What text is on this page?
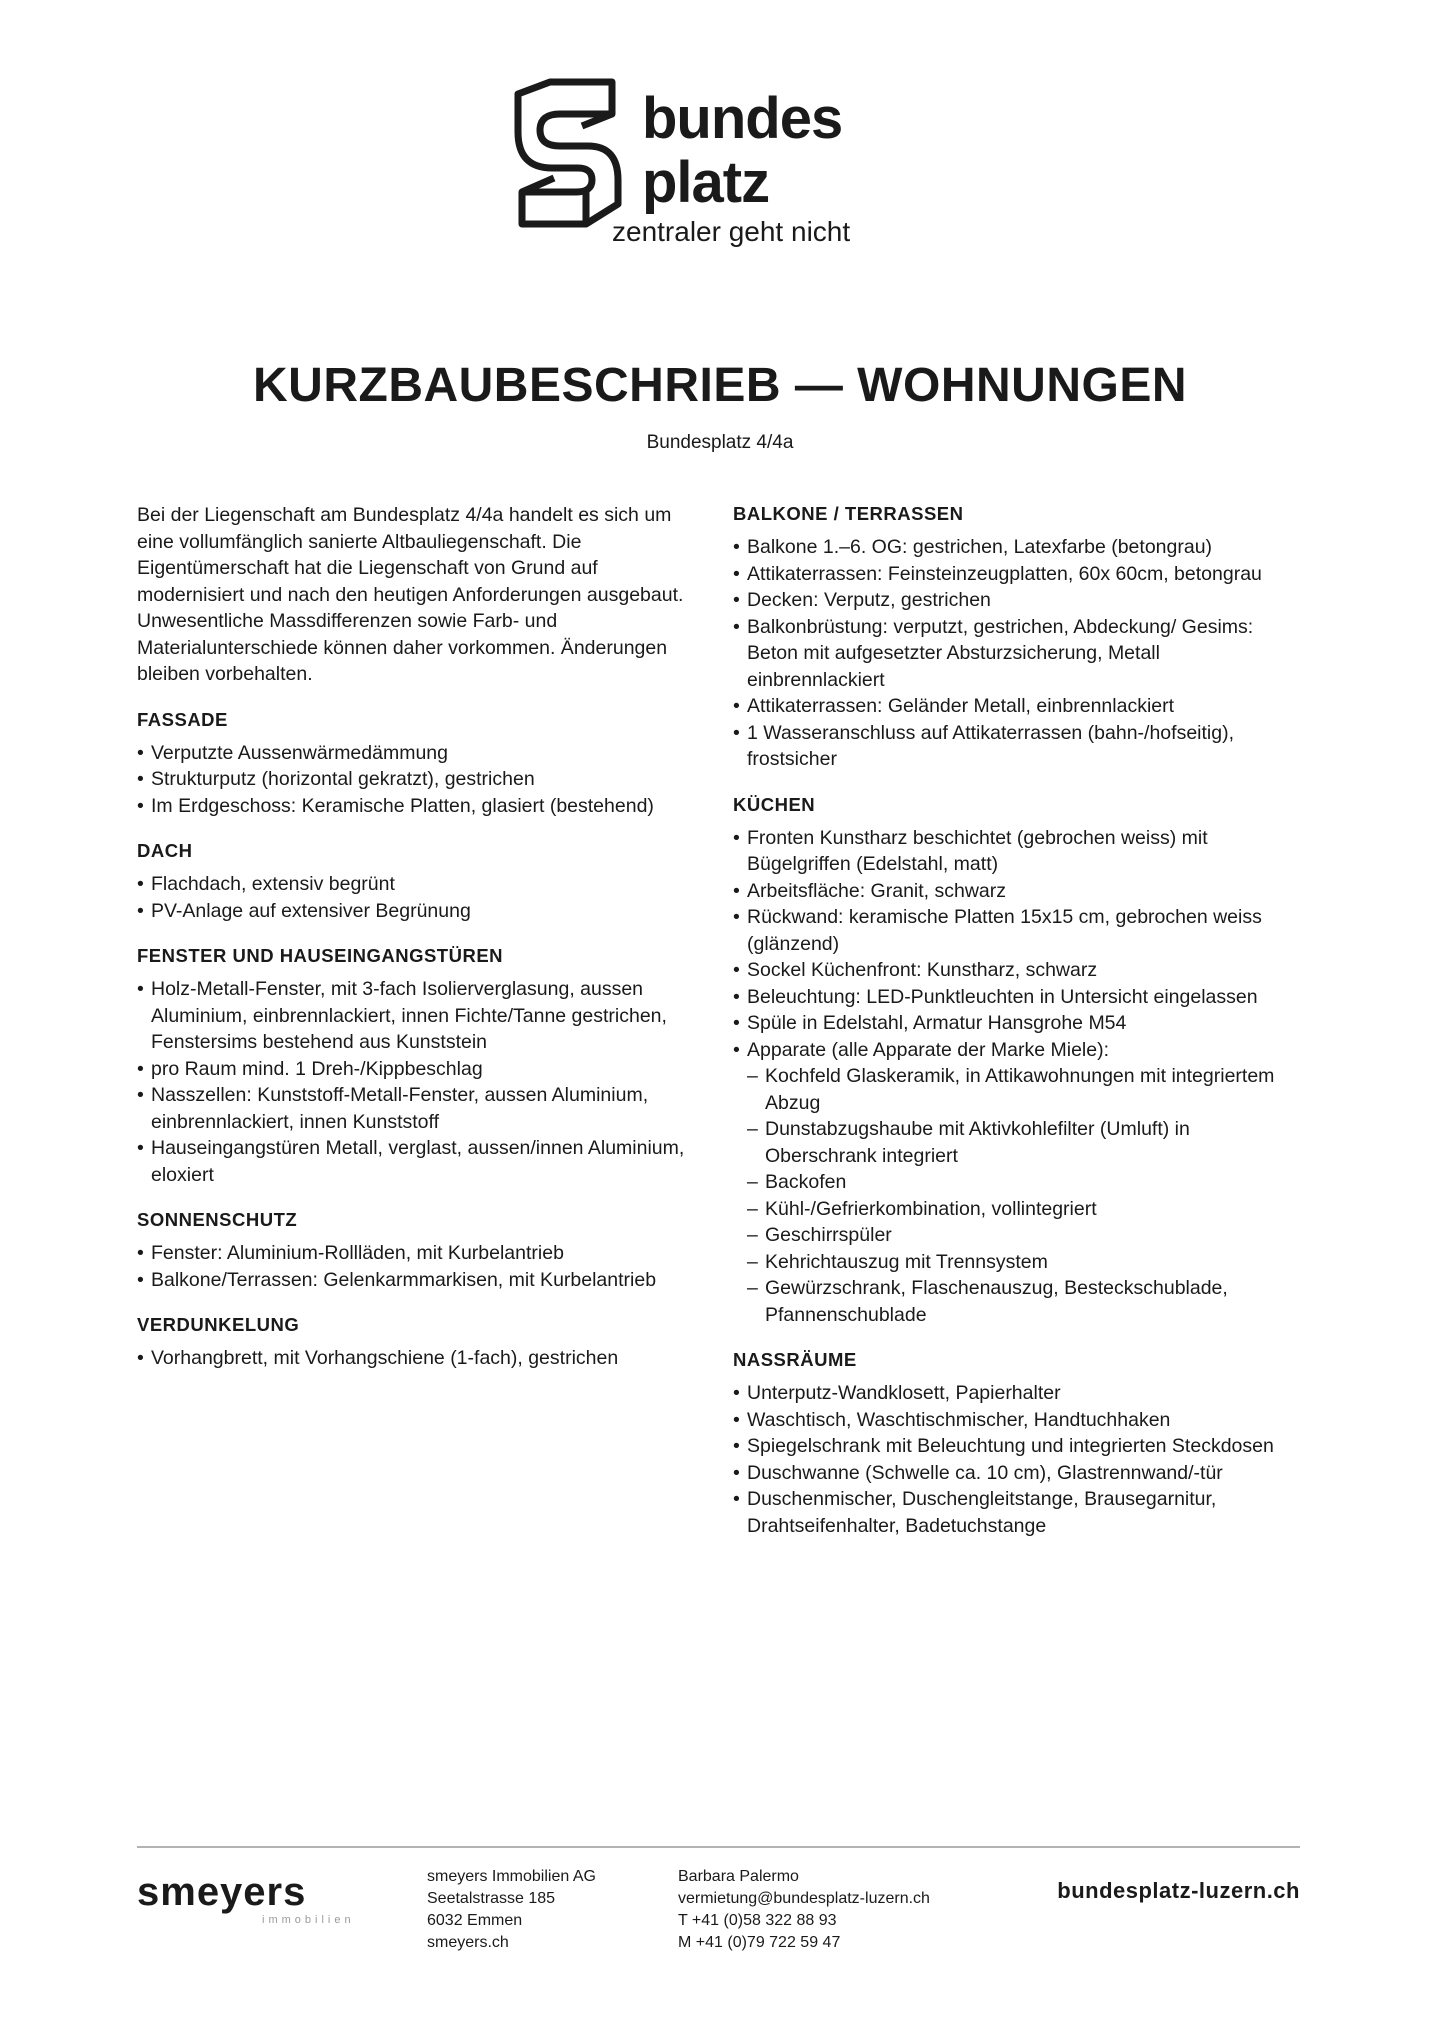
bundes
platz
zentraler geht nicht
KURZBAUBESCHRIEB — WOHNUNGEN
Bundesplatz 4/4a

Bei der Liegenschaft am Bundesplatz 4/4a handelt es sich um eine vollumfänglich sanierte Altbauliegenschaft. Die Eigentümerschaft hat die Liegenschaft von Grund auf modernisiert und nach den heutigen Anforderungen ausgebaut. Unwesentliche Massdifferenzen sowie Farb- und Materialunterschiede können daher vorkommen. Änderungen bleiben vorbehalten.

FASSADE
• Verputzte Aussenwärmedämmung
• Strukturputz (horizontal gekratzt), gestrichen
• Im Erdgeschoss: Keramische Platten, glasiert (bestehend)
DACH
• Flachdach, extensiv begrünt
• PV-Anlage auf extensiver Begrünung
FENSTER UND HAUSEINGANGSTÜREN
• Holz-Metall-Fenster, mit 3-fach Isolierverglasung, aussen Aluminium, einbrennlackiert, innen Fichte/Tanne gestrichen, Fenstersims bestehend aus Kunststein
• pro Raum mind. 1 Dreh-/Kippbeschlag
• Nasszellen: Kunststoff-Metall-Fenster, aussen Aluminium, einbrennlackiert, innen Kunststoff
• Hauseingangstüren Metall, verglast, aussen/innen Aluminium, eloxiert
SONNENSCHUTZ
• Fenster: Aluminium-Rollläden, mit Kurbelantrieb
• Balkone/Terrassen: Gelenkarmmarkisen, mit Kurbelantrieb
VERDUNKELUNG
• Vorhangbrett, mit Vorhangschiene (1-fach), gestrichen
BALKONE / TERRASSEN
• Balkone 1.–6. OG: gestrichen, Latexfarbe (betongrau)
• Attikaterrassen: Feinsteinzeugplatten, 60x 60cm, betongrau
• Decken: Verputz, gestrichen
• Balkonbrüstung: verputzt, gestrichen, Abdeckung/ Gesims: Beton mit aufgesetzter Absturzsicherung, Metall einbrennlackiert
• Attikaterrassen: Geländer Metall, einbrennlackiert
• 1 Wasseranschluss auf Attikaterrassen (bahn-/hofseitig), frostsicher
KÜCHEN
• Fronten Kunstharz beschichtet (gebrochen weiss) mit Bügelgriffen (Edelstahl, matt)
• Arbeitsfläche: Granit, schwarz
• Rückwand: keramische Platten 15x15 cm, gebrochen weiss (glänzend)
• Sockel Küchenfront: Kunstharz, schwarz
• Beleuchtung: LED-Punktleuchten in Untersicht eingelassen
• Spüle in Edelstahl, Armatur Hansgrohe M54
• Apparate (alle Apparate der Marke Miele):
– Kochfeld Glaskeramik, in Attikawohnungen mit integriertem Abzug
– Dunstabzugshaube mit Aktivkohlefilter (Umluft) in Oberschrank integriert
– Backofen
– Kühl-/Gefrierkombination, vollintegriert
– Geschirrspüler
– Kehrichtauszug mit Trennsystem
– Gewürzschrank, Flaschenauszug, Besteckschublade, Pfannenschublade
NASSRÄUME
• Unterputz-Wandklosett, Papierhalter
• Waschtisch, Waschtischmischer, Handtuchhaken
• Spiegelschrank mit Beleuchtung und integrierten Steckdosen
• Duschwanne (Schwelle ca. 10 cm), Glastrennwand/-tür
• Duschenmischer, Duschengleitstange, Brausegarnitur, Drahtseifenhalter, Badetuchstange
smeyers
immobilien
smeyers Immobilien AG
Seetalstrasse 185
6032 Emmen
smeyers.ch
Barbara Palermo
vermietung@bundesplatz-luzern.ch
T +41 (0)58 322 88 93
M +41 (0)79 722 59 47
bundesplatz-luzern.ch
